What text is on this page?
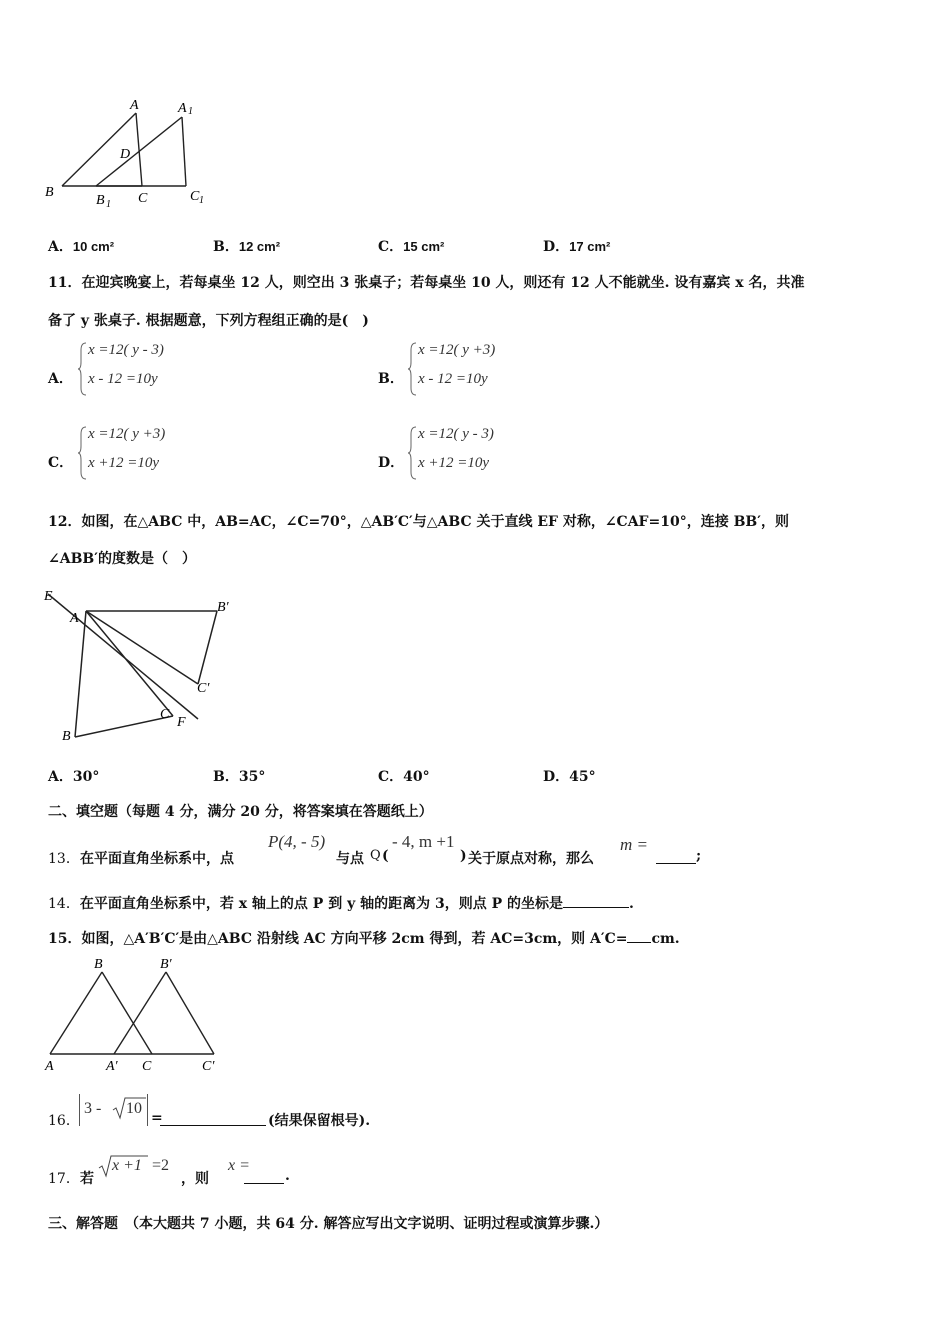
A	A 1
D
B
B 1 C	C 1
A．10 cm²	B．12 cm²	C．15 cm²	D．17 cm²
11．在迎宾晚宴上，若每桌坐 12 人，则空出 3 张桌子；若每桌坐 10 人，则还有 12 人不能就坐. 设有嘉宾 x 名，共准
备了 y 张桌子. 根据题意，下列方程组正确的是(　)
A．
x =12( y - 3)
x - 12 =10y	B．
x =12( y +3)
x - 12 =10y
C．
x =12( y +3)
x +12 =10y	D．
x =12( y - 3)
x +12 =10y
12．如图，在△ABC 中，AB=AC，∠C=70°，△AB′C′与△ABC 关于直线 EF 对称，∠CAF=10°，连接 BB′，则
∠ABB′的度数是（　）
E
A
B′
C′
C
F
B
A．30°	B．35°	C．40°	D．45°
二、填空题（每题 4 分，满分 20 分，将答案填在答题纸上）
13． 在平面直角坐标系中，点
P(4, - 5)
与点 Q (
- 4, m +1
) 关于原点对称，那么
m =
;
14．在平面直角坐标系中，若 x 轴上的点 P 到 y 轴的距离为 3，则点 P 的坐标是	.
15．如图，△A′B′C′是由△ABC 沿射线 AC 方向平移 2cm 得到，若 AC=3cm，则 A′C= cm.
B	B′
A	A′ C	C′
16．
3 - 10
=	(结果保留根号).
17． 若
x +1 =2
，则
x =
.
三、解答题　（本大题共 7 小题，共 64 分. 解答应写出文字说明、证明过程或演算步骤.）
